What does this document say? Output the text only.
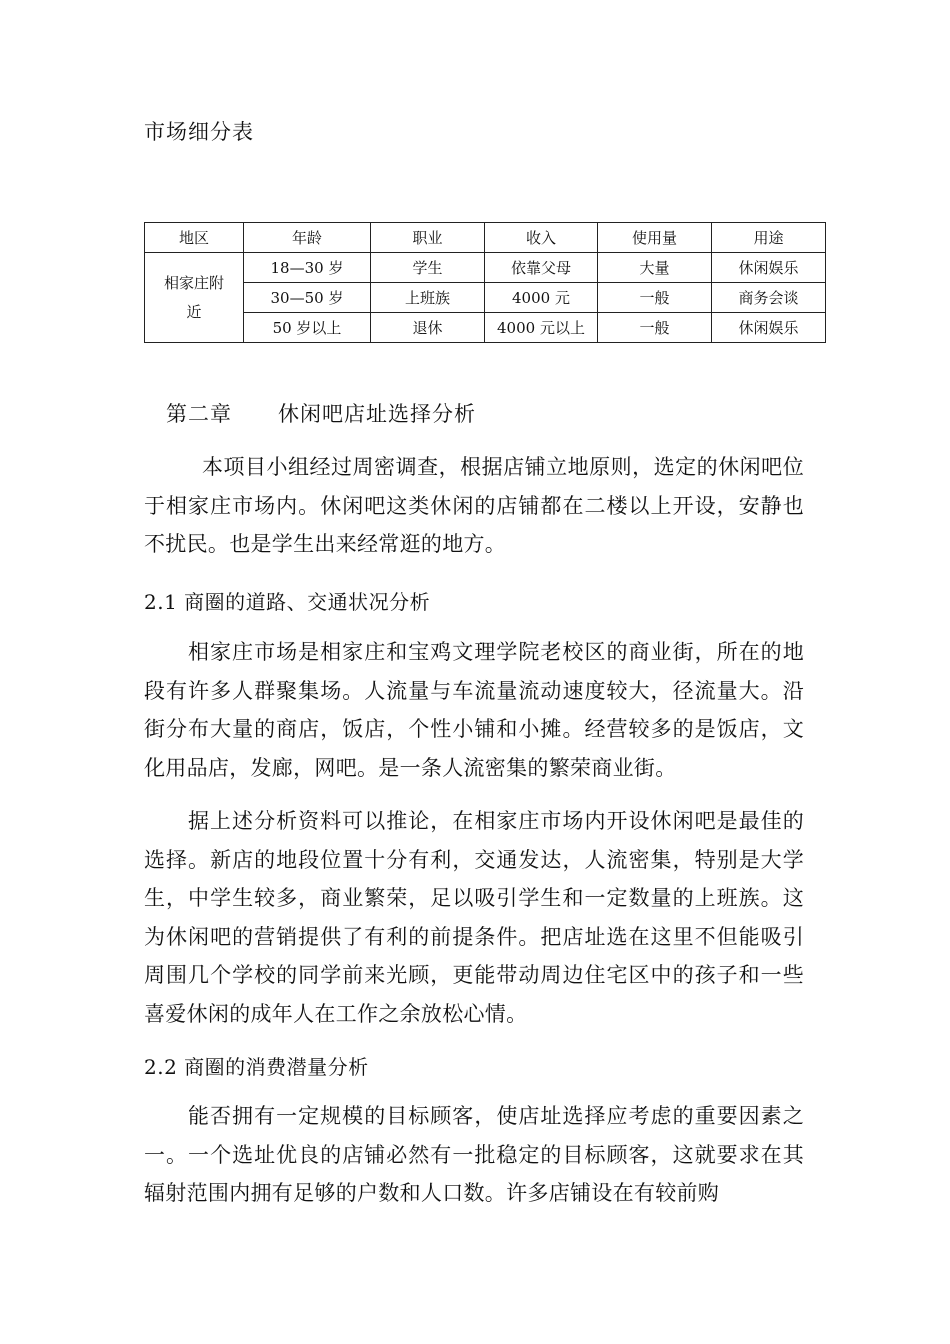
市场细分表
地区	年龄	职业	收入	使用量	用途
相家庄附近	18—30 岁	学生	依靠父母	大量	休闲娱乐
	30—50 岁	上班族	4000 元	一般	商务会谈
	50 岁以上	退休	4000 元以上	一般	休闲娱乐
第二章 休闲吧店址选择分析

本项目小组经过周密调查，根据店铺立地原则，选定的休闲吧位于相家庄市场内。休闲吧这类休闲的店铺都在二楼以上开设，安静也不扰民。也是学生出来经常逛的地方。

2.1 商圈的道路、交通状况分析

相家庄市场是相家庄和宝鸡文理学院老校区的商业街，所在的地段有许多人群聚集场。人流量与车流量流动速度较大，径流量大。沿街分布大量的商店，饭店，个性小铺和小摊。经营较多的是饭店，文化用品店，发廊，网吧。是一条人流密集的繁荣商业街。

据上述分析资料可以推论，在相家庄市场内开设休闲吧是最佳的选择。新店的地段位置十分有利，交通发达，人流密集，特别是大学生，中学生较多，商业繁荣，足以吸引学生和一定数量的上班族。这为休闲吧的营销提供了有利的前提条件。把店址选在这里不但能吸引周围几个学校的同学前来光顾，更能带动周边住宅区中的孩子和一些喜爱休闲的成年人在工作之余放松心情。

2.2 商圈的消费潜量分析

能否拥有一定规模的目标顾客，使店址选择应考虑的重要因素之一。一个选址优良的店铺必然有一批稳定的目标顾客，这就要求在其辐射范围内拥有足够的户数和人口数。许多店铺设在有较前购
